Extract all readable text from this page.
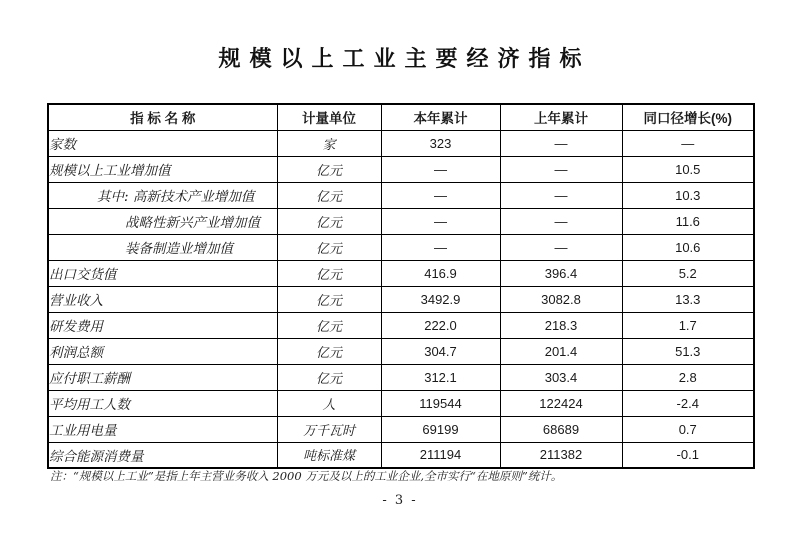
规模以上工业主要经济指标
指 标 名 称	计量单位	本年累计	上年累计	同口径增长(%)
家数	家	323	—	—
规模以上工业增加值	亿元	—	—	10.5
其中: 高新技术产业增加值	亿元	—	—	10.3
战略性新兴产业增加值	亿元	—	—	11.6
装备制造业增加值	亿元	—	—	10.6
出口交货值	亿元	416.9	396.4	5.2
营业收入	亿元	3492.9	3082.8	13.3
研发费用	亿元	222.0	218.3	1.7
利润总额	亿元	304.7	201.4	51.3
应付职工薪酬	亿元	312.1	303.4	2.8
平均用工人数	人	119544	122424	-2.4
工业用电量	万千瓦时	69199	68689	0.7
综合能源消费量	吨标准煤	211194	211382	-0.1
注：“规模以上工业”是指上年主营业务收入 2000 万元及以上的工业企业,全市实行“在地原则”统计。
- 3 -
